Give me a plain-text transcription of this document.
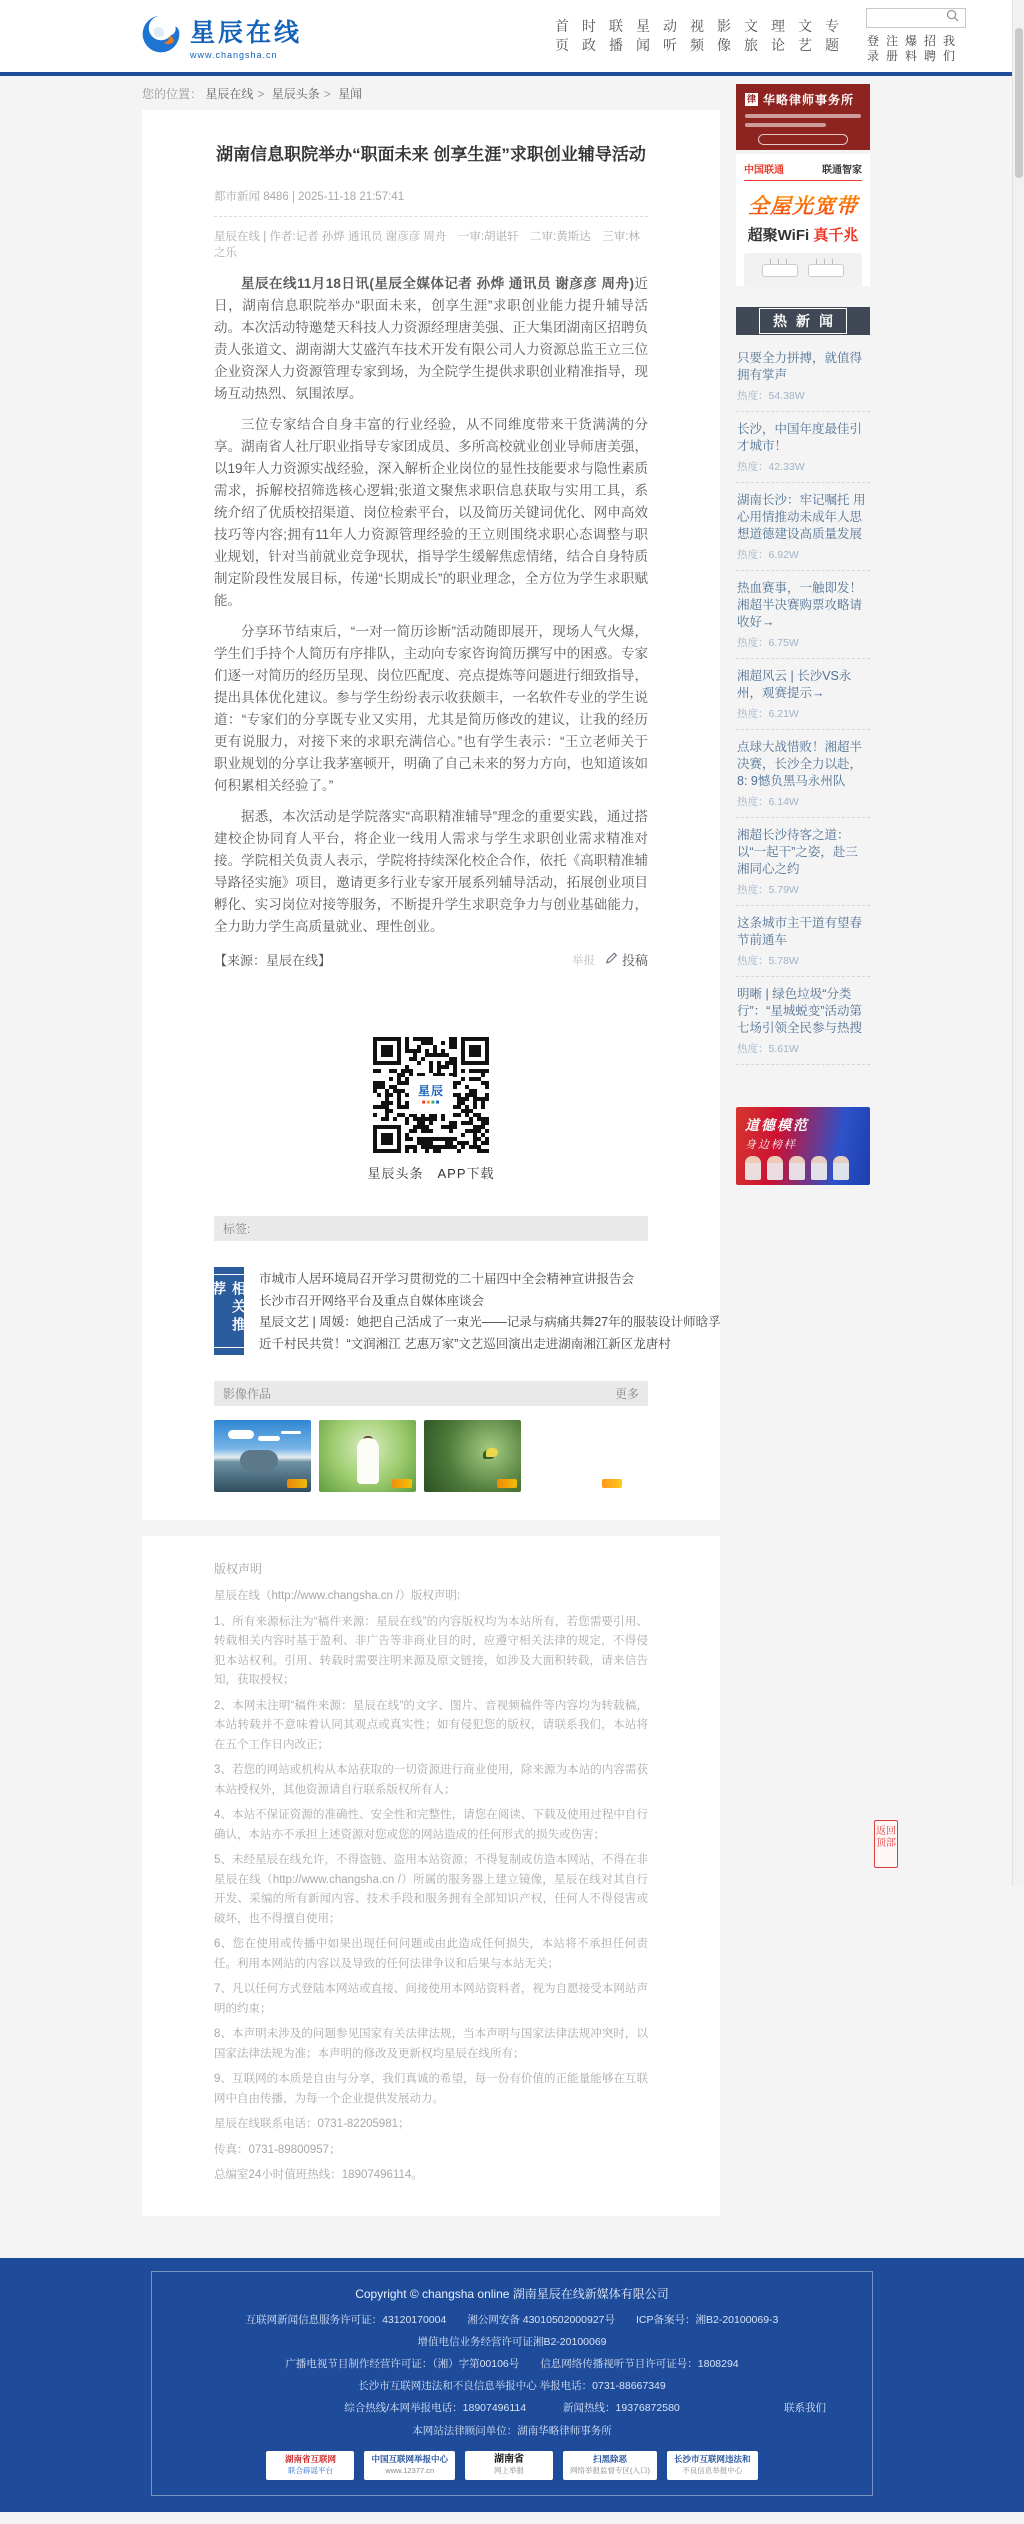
星辰在线
www.changsha.cn
首页
时政
联播
星闻
动听
视频
影像
文旅
理论
文艺
专题 登录
注册
爆料
招聘
我们
您的位置： 星辰在线 > 星辰头条 > 星闻
湖南信息职院举办“职面未来 创享生涯”求职创业辅导活动
都市新闻 8486 | 2025-11-18 21:57:41
星辰在线 | 作者:记者 孙烨 通讯员 谢彦彦 周舟　一审:胡谌轩　二审:黄斯达　三审:林之乐

星辰在线11月18日讯(星辰全媒体记者 孙烨 通讯员 谢彦彦 周舟)近日，湖南信息职院举办“职面未来，创享生涯”求职创业能力提升辅导活动。本次活动特邀楚天科技人力资源经理唐美强、正大集团湖南区招聘负责人张道文、湖南湖大艾盛汽车技术开发有限公司人力资源总监王立三位企业资深人力资源管理专家到场，为全院学生提供求职创业精准指导，现场互动热烈、氛围浓厚。

三位专家结合自身丰富的行业经验，从不同维度带来干货满满的分享。湖南省人社厅职业指导专家团成员、多所高校就业创业导师唐美强，以19年人力资源实战经验，深入解析企业岗位的显性技能要求与隐性素质需求，拆解校招筛选核心逻辑;张道文聚焦求职信息获取与实用工具，系统介绍了优质校招渠道、岗位检索平台，以及简历关键词优化、网申高效技巧等内容;拥有11年人力资源管理经验的王立则围绕求职心态调整与职业规划，针对当前就业竞争现状，指导学生缓解焦虑情绪，结合自身特质制定阶段性发展目标，传递“长期成长”的职业理念，全方位为学生求职赋能。

分享环节结束后，“一对一简历诊断”活动随即展开，现场人气火爆，学生们手持个人简历有序排队，主动向专家咨询简历撰写中的困惑。专家们逐一对简历的经历呈现、岗位匹配度、亮点提炼等问题进行细致指导，提出具体优化建议。参与学生纷纷表示收获颇丰，一名软件专业的学生说道：“专家们的分享既专业又实用，尤其是简历修改的建议，让我的经历更有说服力，对接下来的求职充满信心。”也有学生表示：“王立老师关于职业规划的分享让我茅塞顿开，明确了自己未来的努力方向，也知道该如何积累相关经验了。”

据悉，本次活动是学院落实“高职精准辅导”理念的重要实践，通过搭建校企协同育人平台，将企业一线用人需求与学生求职创业需求精准对接。学院相关负责人表示，学院将持续深化校企合作，依托《高职精准辅导路径实施》项目，邀请更多行业专家开展系列辅导活动，拓展创业项目孵化、实习岗位对接等服务，不断提升学生求职竞争力与创业基础能力，全力助力学生高质量就业、理性创业。

【来源：星辰在线】	举报 投稿
星辰
■■■■
星辰头条　APP下载
标签:
相关推荐
市城市人居环境局召开学习贯彻党的二十届四中全会精神宣讲报告会
长沙市召开网络平台及重点自媒体座谈会
星辰文艺 | 周媛：她把自己活成了一束光——记录与病痛共舞27年的服装设计师晗孚
近千村民共赏！“文润湘江 艺惠万家”文艺巡回演出走进湖南湘江新区龙唐村
影像作品	更多
律 华略律师事务所
中国联通	联通智家
全屋光宽带
超聚WiFi 真千兆
热新闻
只要全力拼搏，就值得拥有掌声
热度：54.38W
长沙，中国年度最佳引才城市！
热度：42.33W
湖南长沙：牢记嘱托 用心用情推动未成年人思想道德建设高质量发展
热度：6.92W
热血赛事，一触即发！湘超半决赛购票攻略请收好→
热度：6.75W
湘超风云 | 长沙VS永州，观赛提示→
热度：6.21W
点球大战惜败！湘超半决赛，长沙全力以赴，8: 9憾负黑马永州队
热度：6.14W
湘超长沙待客之道：以“一起干”之姿，赴三湘同心之约
热度：5.79W
这条城市主干道有望春节前通车
热度：5.78W
明晰 | 绿色垃圾“分类行”：“星城蜕变”活动第七场引领全民参与热搜
热度：5.61W
道德模范
身边榜样
版权声明

星辰在线（http://www.changsha.cn /）版权声明:

1、所有来源标注为“稿件来源：星辰在线”的内容版权均为本站所有，若您需要引用、转载相关内容时基于盈利、非广告等非商业目的时，应遵守相关法律的规定，不得侵犯本站权利。引用、转载时需要注明来源及原文链接，如涉及大面积转载，请来信告知，获取授权；

2、本网未注明“稿件来源：星辰在线”的文字、图片、音视频稿件等内容均为转载稿，本站转载并不意味着认同其观点或真实性；如有侵犯您的版权，请联系我们，本站将在五个工作日内改正；

3、若您的网站或机构从本站获取的一切资源进行商业使用，除来源为本站的内容需获本站授权外，其他资源请自行联系版权所有人；

4、本站不保证资源的准确性、安全性和完整性，请您在阅读、下载及使用过程中自行确认，本站亦不承担上述资源对您或您的网站造成的任何形式的损失或伤害；

5、未经星辰在线允许，不得盗链、盗用本站资源；不得复制或仿造本网站，不得在非星辰在线（http://www.changsha.cn /）所属的服务器上建立镜像，星辰在线对其自行开发、采编的所有新闻内容、技术手段和服务拥有全部知识产权，任何人不得侵害或破坏，也不得擅自使用；

6、您在使用或传播中如果出现任何问题或由此造成任何损失，本站将不承担任何责任。利用本网站的内容以及导致的任何法律争议和后果与本站无关；

7、凡以任何方式登陆本网站或直接、间接使用本网站资料者，视为自愿接受本网站声明的约束；

8、本声明未涉及的问题参见国家有关法律法规，当本声明与国家法律法规冲突时，以国家法律法规为准；本声明的修改及更新权均星辰在线所有；

9、互联网的本质是自由与分享，我们真诚的希望，每一份有价值的正能量能够在互联网中自由传播，为每一个企业提供发展动力。

星辰在线联系电话：0731-82205981；

传真：0731-89800957；

总编室24小时值班热线：18907496114。

Copyright © changsha online 湖南星辰在线新媒体有限公司

互联网新闻信息服务许可证：43120170004　　湘公网安备 43010502000927号　　ICP备案号：湘B2-20100069-3

增值电信业务经营许可证湘B2-20100069

广播电视节目制作经营许可证：（湘）字第00106号　　信息网络传播视听节目许可证号：1808294

长沙市互联网违法和不良信息举报中心 举报电话：0731-88667349

综合热线/本网举报电话：18907496114	新闻热线：19376872580	联系我们
本网站法律顾问单位：湖南华略律师事务所
湖南省互联网
联合辟谣平台
中国互联网举报中心
www.12377.cn
湖南省
网上举报
扫黑除恶
网络举报监督专区(入口)
长沙市互联网违法和
不良信息举报中心
返回顶部
